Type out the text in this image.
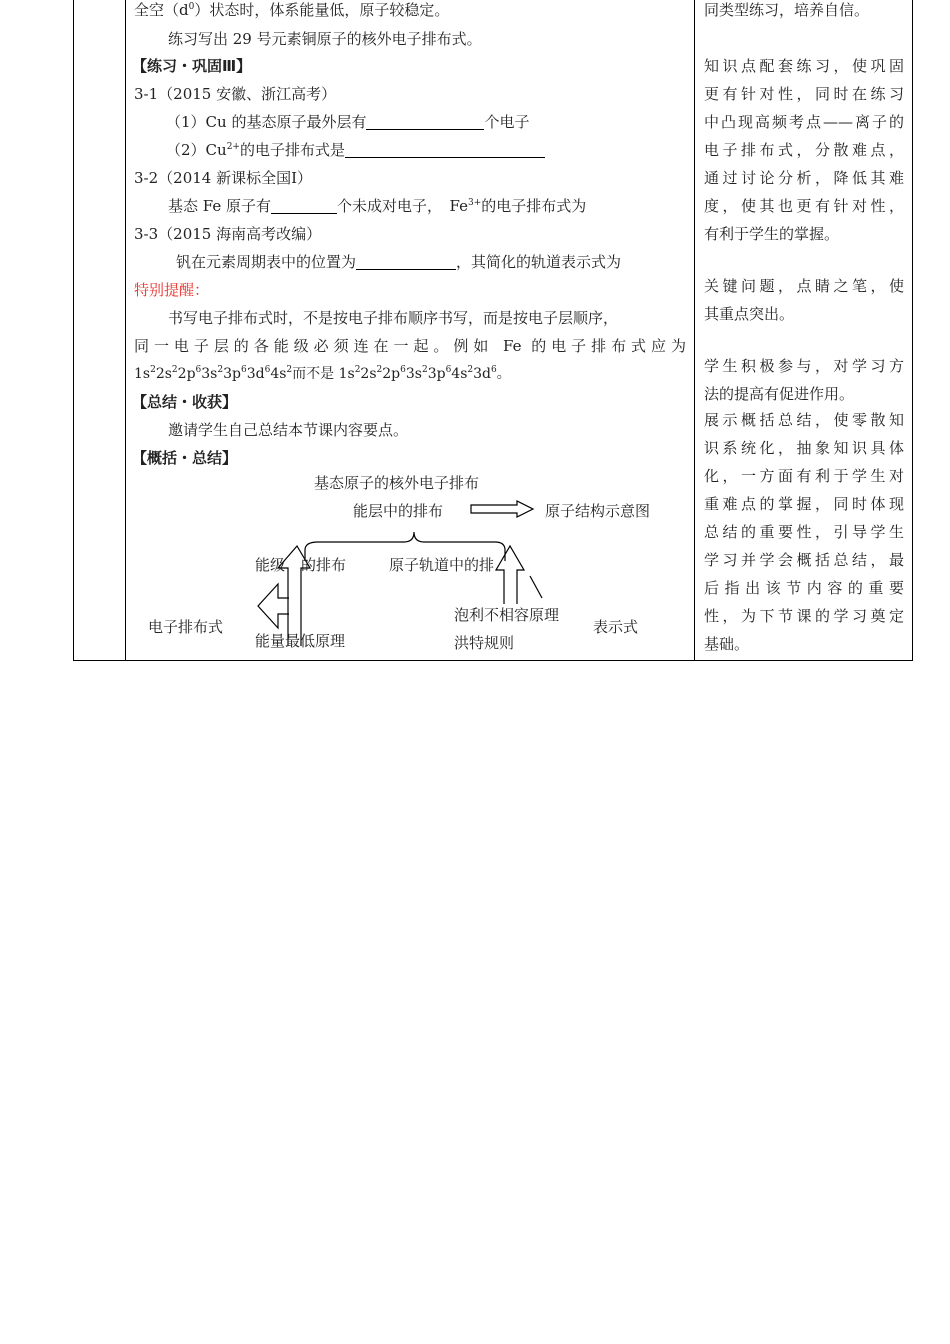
全空$(d^0)$状态时，体系能量低，原子较稳定。
练习写出 29 号元素铜原子的核外电子排布式。
【练习・巩固Ⅲ】
3-1（2015 安徽、浙江高考）
（1）Cu 的基态原子最外层有	个电子
$(2)Cu^{2+}$的电子排布式是
3-2（2014 新课标全国Ⅰ）
基态 Fe 原子有	个未成对电子，　$Fe^{3+}$的电子排布式为
3-3（2015 海南高考改编）
钒在元素周期表中的位置为	，其简化的轨道表示式为
特别提醒：
书写电子排布式时，不是按电子排布顺序书写，而是按电子层顺序，
同一电子层的各能级必须连在一起。例如 Fe 的电子排布式应为
$1s^22s^22p^63s^23p^63d^64s^2$而不是 $1s^22s^22p^63s^23p^64s^23d^6$。
【总结・收获】
邀请学生自己总结本节课内容要点。
【概括・总结】
基态原子的核外电子排布
能层中的排布	原子结构示意图
能级 的排布	原子轨道中的排
电子排布式
能量最低原理
泡利不相容原理
洪特规则
表示式
同类型练习，培养自信。
知识点配套练习，使巩固
更有针对性，同时在练习
中凸现高频考点——离子的
电子排布式，分散难点，
通过讨论分析，降低其难
度，使其也更有针对性，
有利于学生的掌握。
关键问题，点睛之笔，使
其重点突出。
学生积极参与，对学习方
法的提高有促进作用。
展示概括总结，使零散知
识系统化，抽象知识具体
化，一方面有利于学生对
重难点的掌握，同时体现
总结的重要性，引导学生
学习并学会概括总结，最
后指出该节内容的重要
性，为下节课的学习奠定
基础。
